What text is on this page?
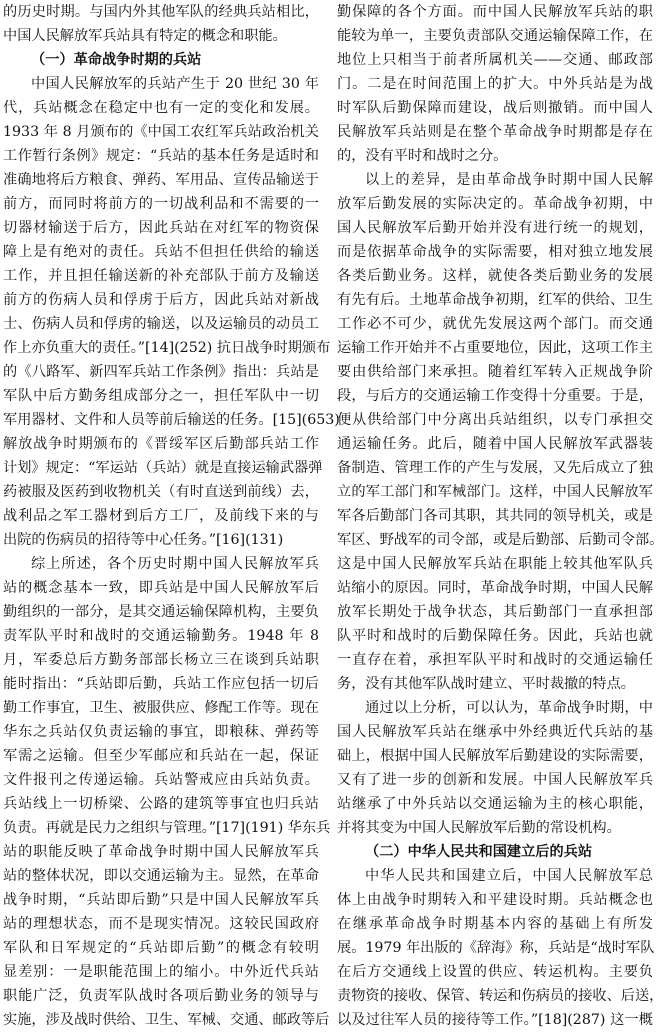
的历史时期。与国内外其他军队的经典兵站相比，
中国人民解放军兵站具有特定的概念和职能。
（一）革命战争时期的兵站
中国人民解放军的兵站产生于 20 世纪 30 年
代，兵站概念在稳定中也有一定的变化和发展。
1933 年 8 月颁布的《中国工农红军兵站政治机关
工作暂行条例》规定：“兵站的基本任务是适时和
准确地将后方粮食、弹药、军用品、宣传品输送于
前方，而同时将前方的一切战利品和不需要的一
切器材输送于后方，因此兵站在对红军的物资保
障上是有绝对的责任。兵站不但担任供给的输送
工作，并且担任输送新的补充部队于前方及输送
前方的伤病人员和俘虏于后方，因此兵站对新战
士、伤病人员和俘虏的输送，以及运输员的动员工
作上亦负重大的责任。”[14](252) 抗日战争时期颁布
的《八路军、新四军兵站工作条例》指出：兵站是
军队中后方勤务组成部分之一，担任军队中一切
军用器材、文件和人员等前后输送的任务。[15](653)
解放战争时期颁布的《晋绥军区后勤部兵站工作
计划》规定：“军运站（兵站）就是直接运输武器弹
药被服及医药到收物机关（有时直送到前线）去，
战利品之军工器材到后方工厂，及前线下来的与
出院的伤病员的招待等中心任务。”[16](131)
综上所述，各个历史时期中国人民解放军兵
站的概念基本一致，即兵站是中国人民解放军后
勤组织的一部分，是其交通运输保障机构，主要负
责军队平时和战时的交通运输勤务。1948 年 8
月，军委总后方勤务部部长杨立三在谈到兵站职
能时指出：“兵站即后勤，兵站工作应包括一切后
勤工作事宜，卫生、被服供应、修配工作等。现在
华东之兵站仅负责运输的事宜，即粮秣、弹药等
军需之运输。但至少军邮应和兵站在一起，保证
文件报刊之传递运输。兵站警戒应由兵站负责。
兵站线上一切桥梁、公路的建筑等事宜也归兵站
负责。再就是民力之组织与管理。”[17](191) 华东兵
站的职能反映了革命战争时期中国人民解放军兵
站的整体状况，即以交通运输为主。显然，在革命
战争时期，“兵站即后勤”只是中国人民解放军兵
站的理想状态，而不是现实情况。这较民国政府
军队和日军规定的“兵站即后勤”的概念有较明
显差别：一是职能范围上的缩小。中外近代兵站
职能广泛，负责军队战时各项后勤业务的领导与
实施，涉及战时供给、卫生、军械、交通、邮政等后
勤保障的各个方面。而中国人民解放军兵站的职
能较为单一，主要负责部队交通运输保障工作，在
地位上只相当于前者所属机关——交通、邮政部
门。二是在时间范围上的扩大。中外兵站是为战
时军队后勤保障而建设，战后则撤销。而中国人
民解放军兵站则是在整个革命战争时期都是存在
的，没有平时和战时之分。
以上的差异，是由革命战争时期中国人民解
放军后勤发展的实际决定的。革命战争初期，中
国人民解放军后勤开始并没有进行统一的规划，
而是依据革命战争的实际需要，相对独立地发展
各类后勤业务。这样，就使各类后勤业务的发展
有先有后。土地革命战争初期，红军的供给、卫生
工作必不可少，就优先发展这两个部门。而交通
运输工作开始并不占重要地位，因此，这项工作主
要由供给部门来承担。随着红军转入正规战争阶
段，与后方的交通运输工作变得十分重要。于是，
便从供给部门中分离出兵站组织，以专门承担交
通运输任务。此后，随着中国人民解放军武器装
备制造、管理工作的产生与发展，又先后成立了独
立的军工部门和军械部门。这样，中国人民解放军
军各后勤部门各司其职，其共同的领导机关，或是
军区、野战军的司令部，或是后勤部、后勤司令部。
这是中国人民解放军兵站在职能上较其他军队兵
站缩小的原因。同时，革命战争时期，中国人民解
放军长期处于战争状态，其后勤部门一直承担部
队平时和战时的后勤保障任务。因此，兵站也就
一直存在着，承担军队平时和战时的交通运输任
务，没有其他军队战时建立、平时裁撤的特点。
通过以上分析，可以认为，革命战争时期，中
国人民解放军兵站在继承中外经典近代兵站的基
础上，根据中国人民解放军后勤建设的实际需要，
又有了进一步的创新和发展。中国人民解放军兵
站继承了中外兵站以交通运输为主的核心职能，
并将其变为中国人民解放军后勤的常设机构。
（二）中华人民共和国建立后的兵站
中华人民共和国建立后，中国人民解放军总
体上由战争时期转入和平建设时期。兵站概念也
在继承革命战争时期基本内容的基础上有所发
展。1979 年出版的《辞海》称，兵站是“战时军队
在后方交通线上设置的供应、转运机构。主要负
责物资的接收、保管、转运和伤病员的接收、后送，
以及过往军人员的接待等工作。”[18](287) 这一概
